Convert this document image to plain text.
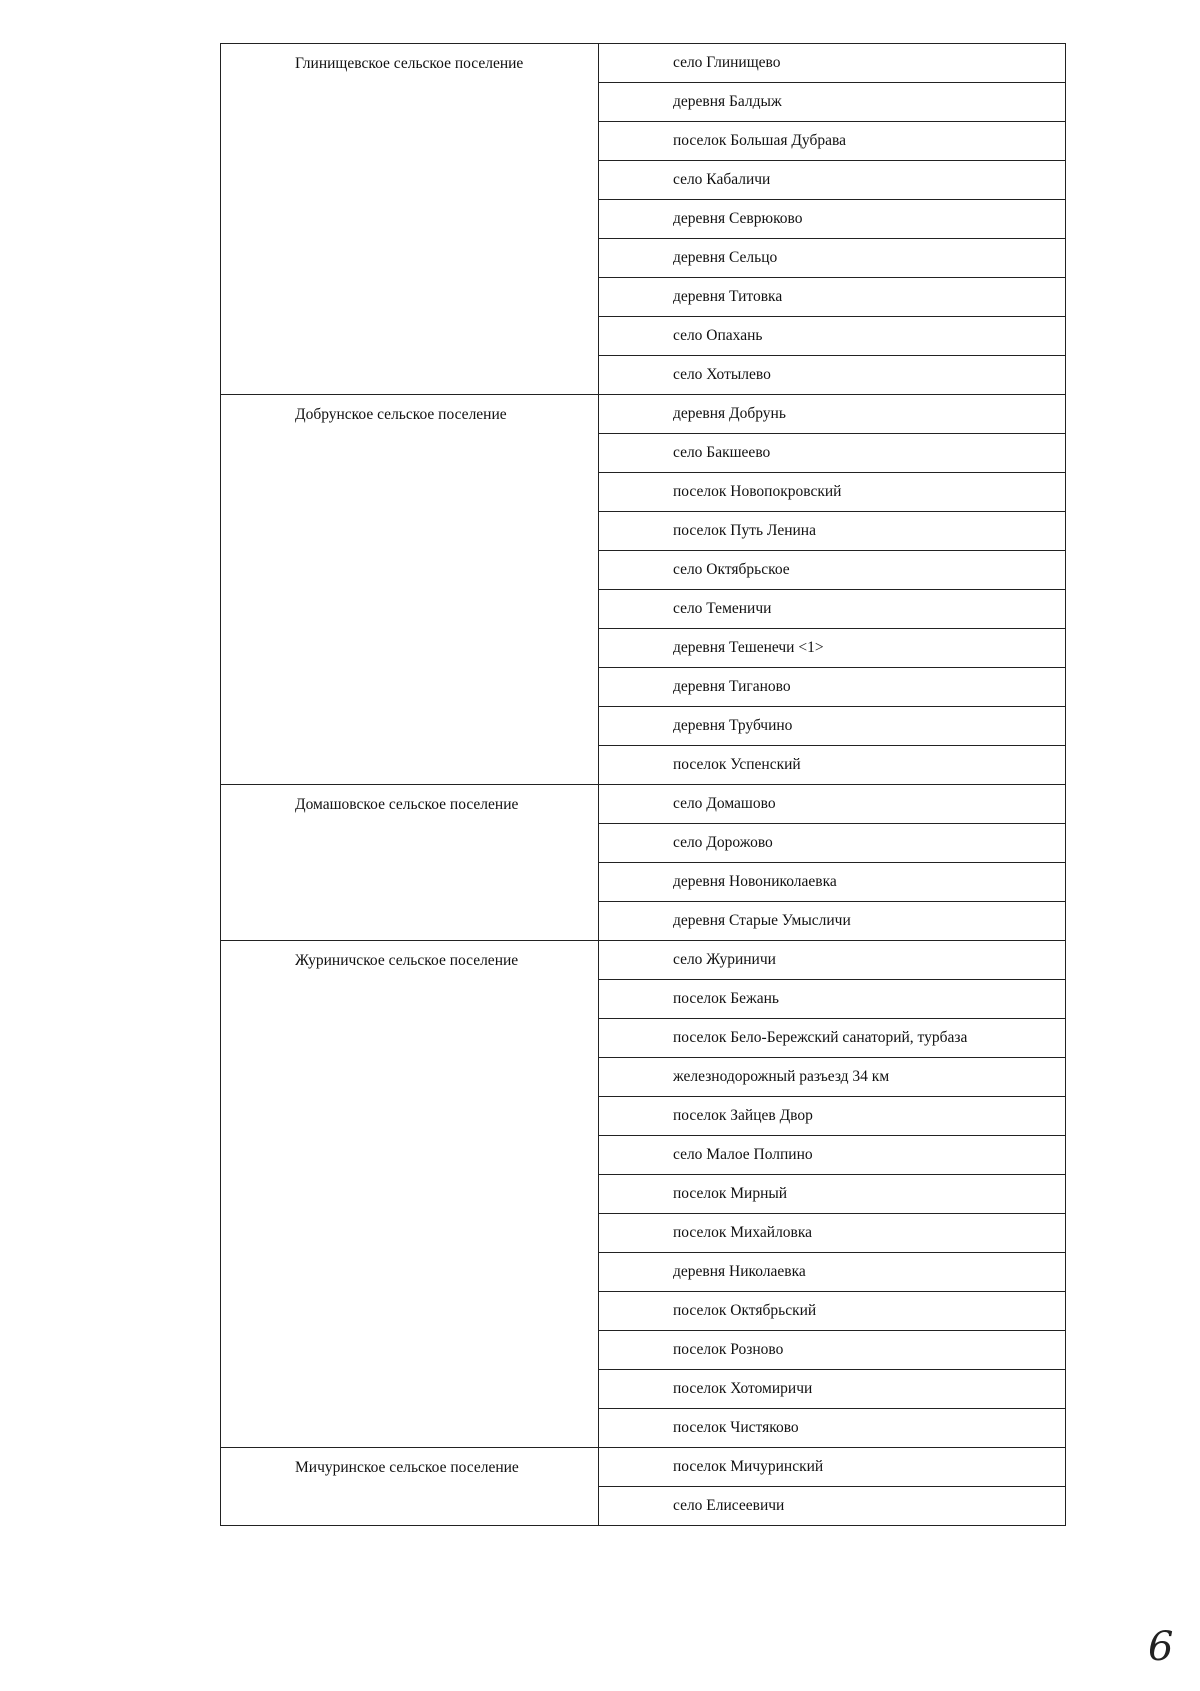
Глинищевское сельское поселение	село Глинищево
	деревня Балдыж
	поселок Большая Дубрава
	село Кабаличи
	деревня Севрюково
	деревня Сельцо
	деревня Титовка
	село Опахань
	село Хотылево
Добрунское сельское поселение	деревня Добрунь
	село Бакшеево
	поселок Новопокровский
	поселок Путь Ленина
	село Октябрьское
	село Теменичи
	деревня Тешенечи <1>
	деревня Тиганово
	деревня Трубчино
	поселок Успенский
Домашовское сельское поселение	село Домашово
	село Дорожово
	деревня Новониколаевка
	деревня Старые Умысличи
Журиничское сельское поселение	село Журиничи
	поселок Бежань
	поселок Бело-Бережский санаторий, турбаза
	железнодорожный разъезд 34 км
	поселок Зайцев Двор
	село Малое Полпино
	поселок Мирный
	поселок Михайловка
	деревня Николаевка
	поселок Октябрьский
	поселок Розново
	поселок Хотомиричи
	поселок Чистяково
Мичуринское сельское поселение	поселок Мичуринский
	село Елисеевичи
6
